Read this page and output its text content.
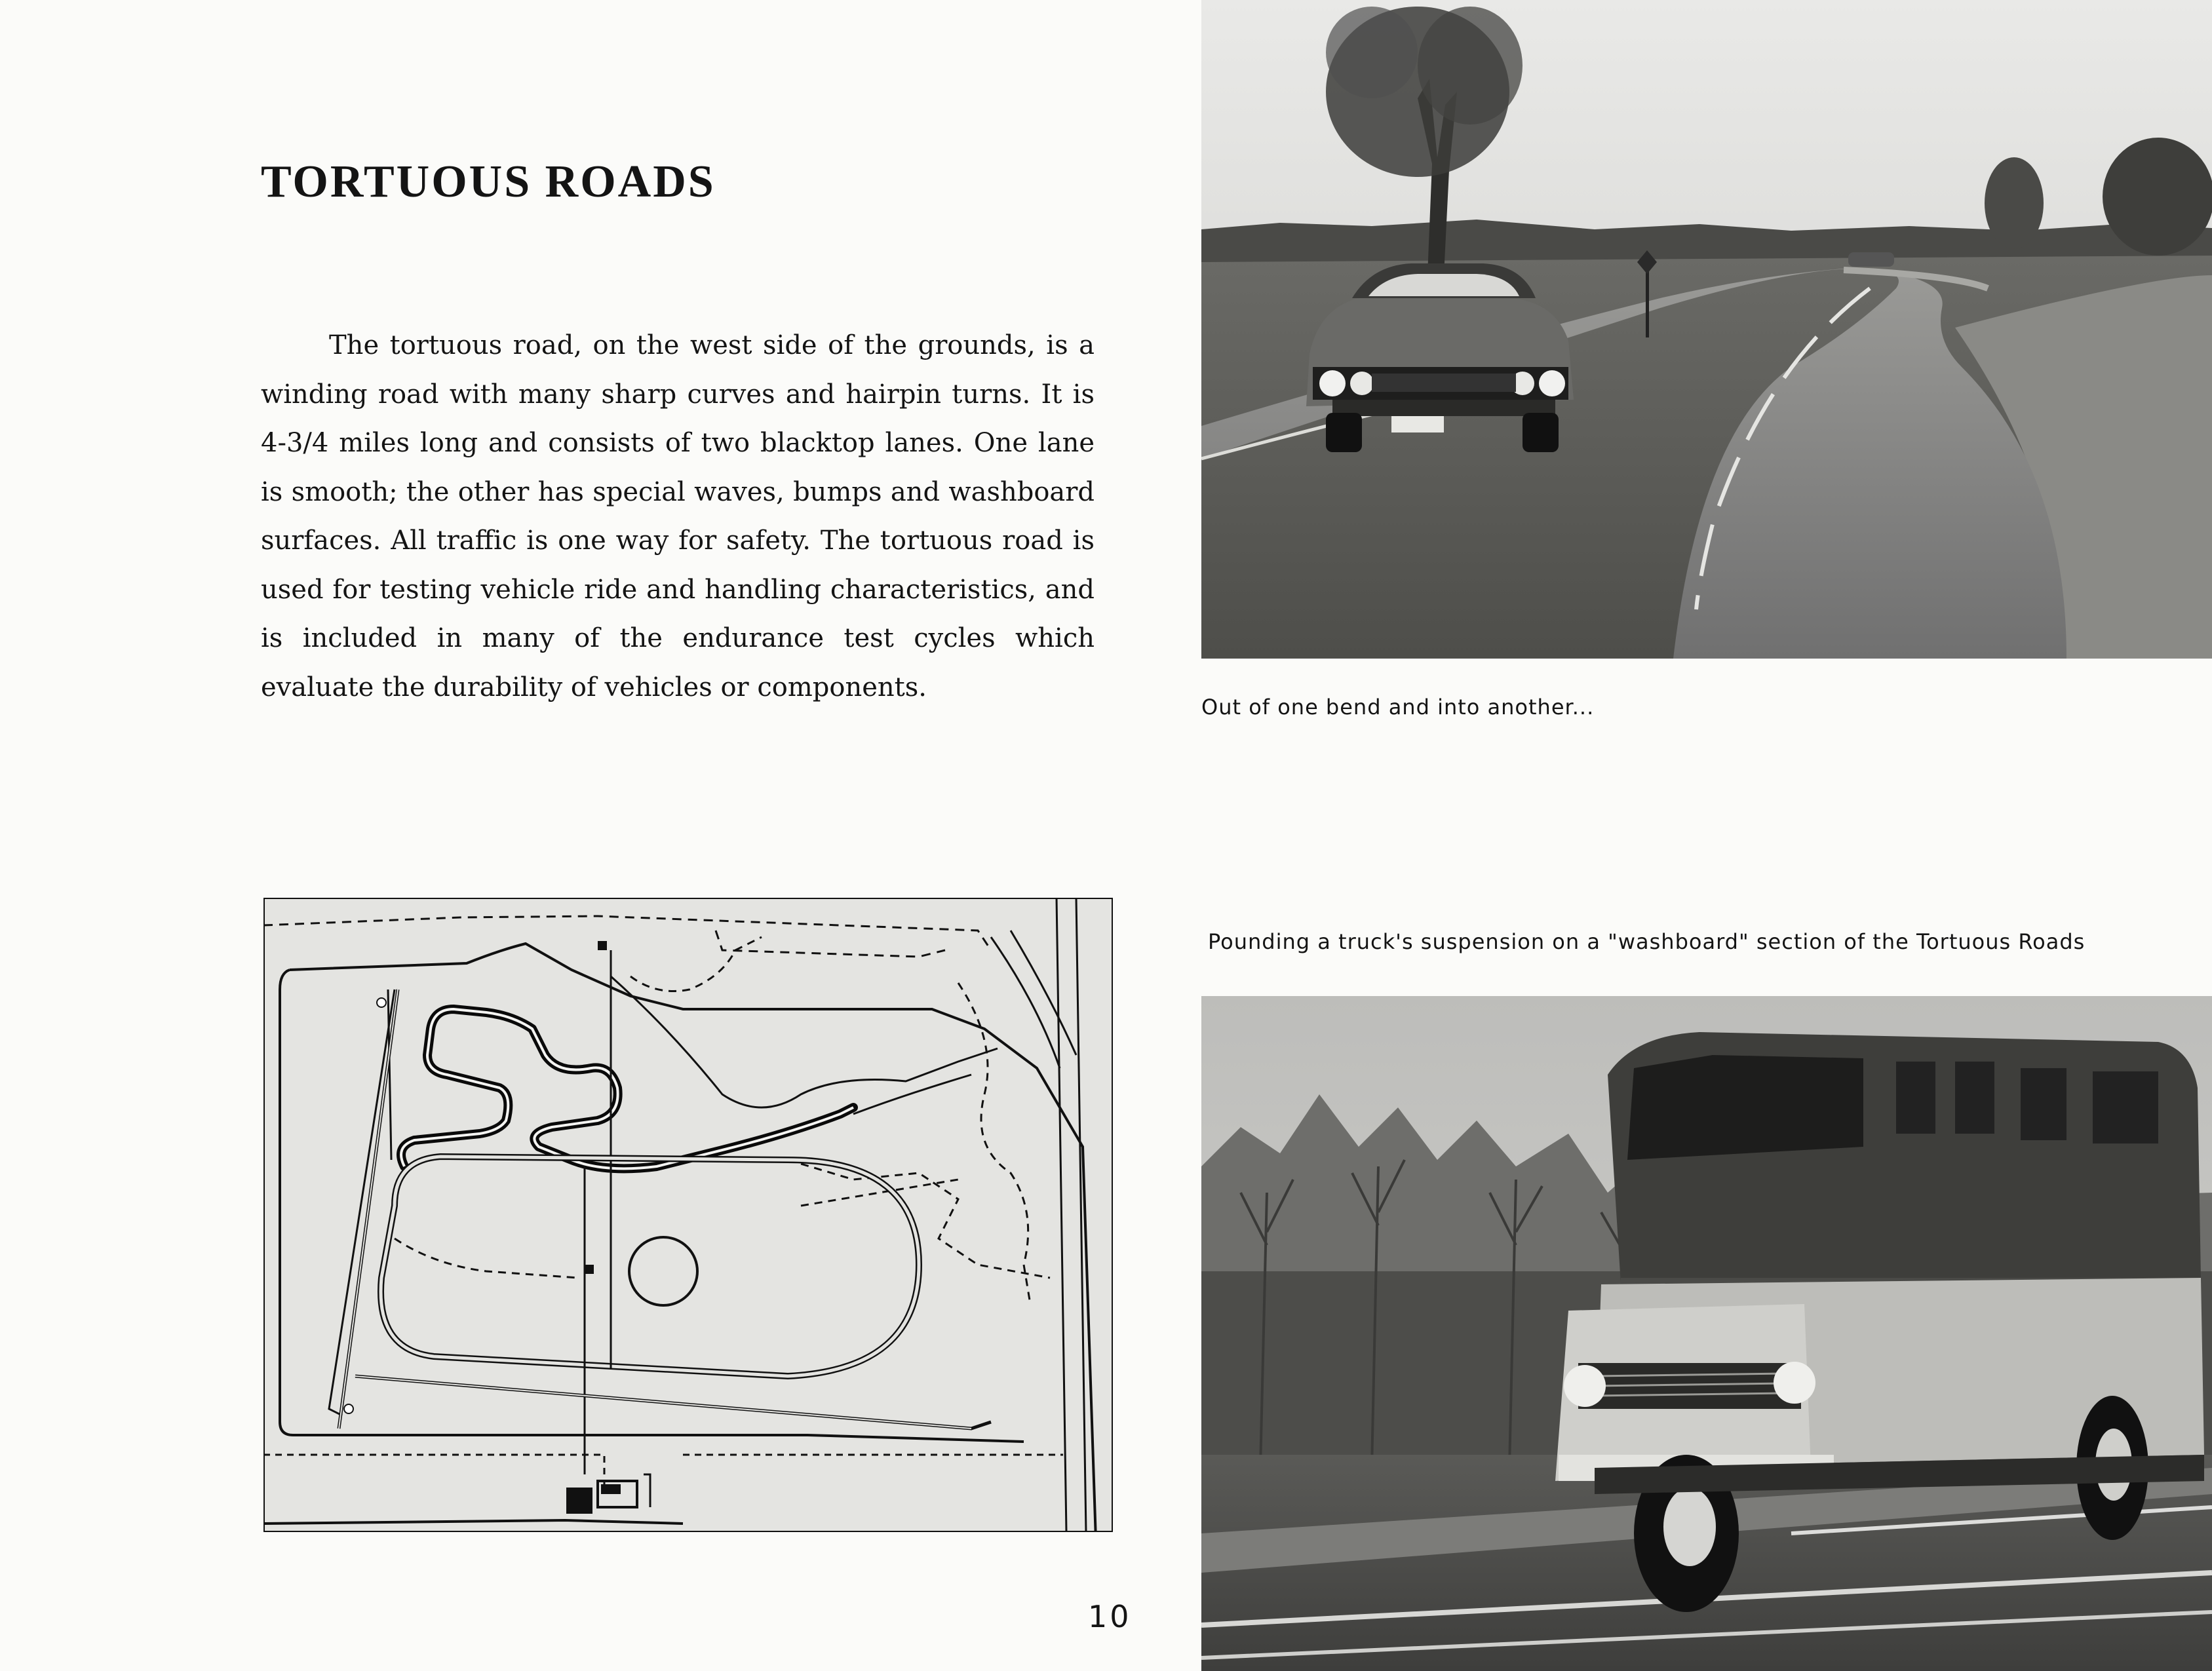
TORTUOUS ROADS

The tortuous road, on the west side of the grounds, is a winding road with many sharp curves and hairpin turns. It is 4-3/4 miles long and consists of two blacktop lanes. One lane is smooth; the other has special waves, bumps and washboard surfaces. All traffic is one way for safety. The tortuous road is used for testing vehicle ride and handling characteristics, and is included in many of the endurance test cycles which evaluate the durability of vehicles or components.

Out of one bend and into another...

Pounding a truck's suspension on a "washboard" section of the Tortuous Roads

10
